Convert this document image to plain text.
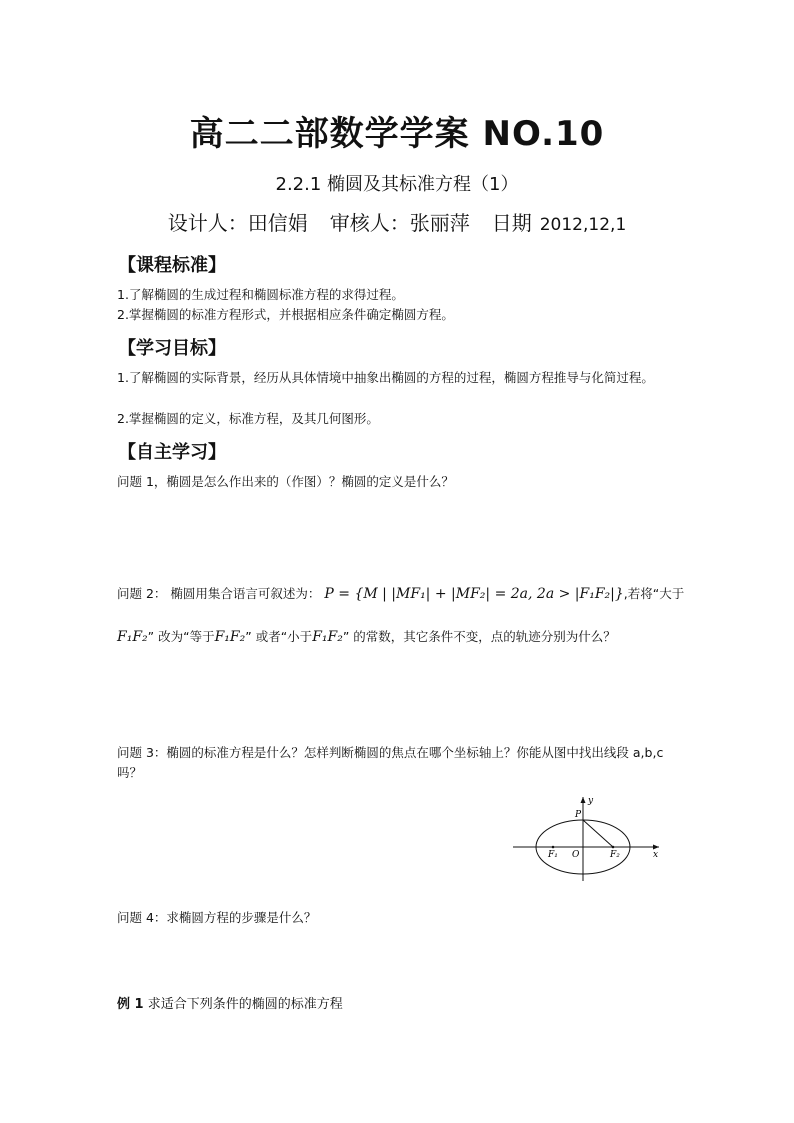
高二二部数学学案 NO.10
2.2.1 椭圆及其标准方程（1）
设计人：田信娟 审核人：张丽萍 日期 2012,12,1
【课程标准】
1.了解椭圆的生成过程和椭圆标准方程的求得过程。
2.掌握椭圆的标准方程形式，并根据相应条件确定椭圆方程。
【学习目标】
1.了解椭圆的实际背景，经历从具体情境中抽象出椭圆的方程的过程，椭圆方程推导与化简过程。
2.掌握椭圆的定义，标准方程，及其几何图形。
【自主学习】
问题 1，椭圆是怎么作出来的（作图）？椭圆的定义是什么？
问题 2： 椭圆用集合语言可叙述为： P = {M | |MF₁| + |MF₂| = 2a, 2a > |F₁F₂|},若将“大于
F₁F₂” 改为“等于F₁F₂” 或者“小于F₁F₂” 的常数，其它条件不变，点的轨迹分别为什么？
问题 3：椭圆的标准方程是什么？怎样判断椭圆的焦点在哪个坐标轴上？你能从图中找出线段 a,b,c 吗？
y
x
P
O
F₁	F₂
问题 4：求椭圆方程的步骤是什么？
例 1 求适合下列条件的椭圆的标准方程
